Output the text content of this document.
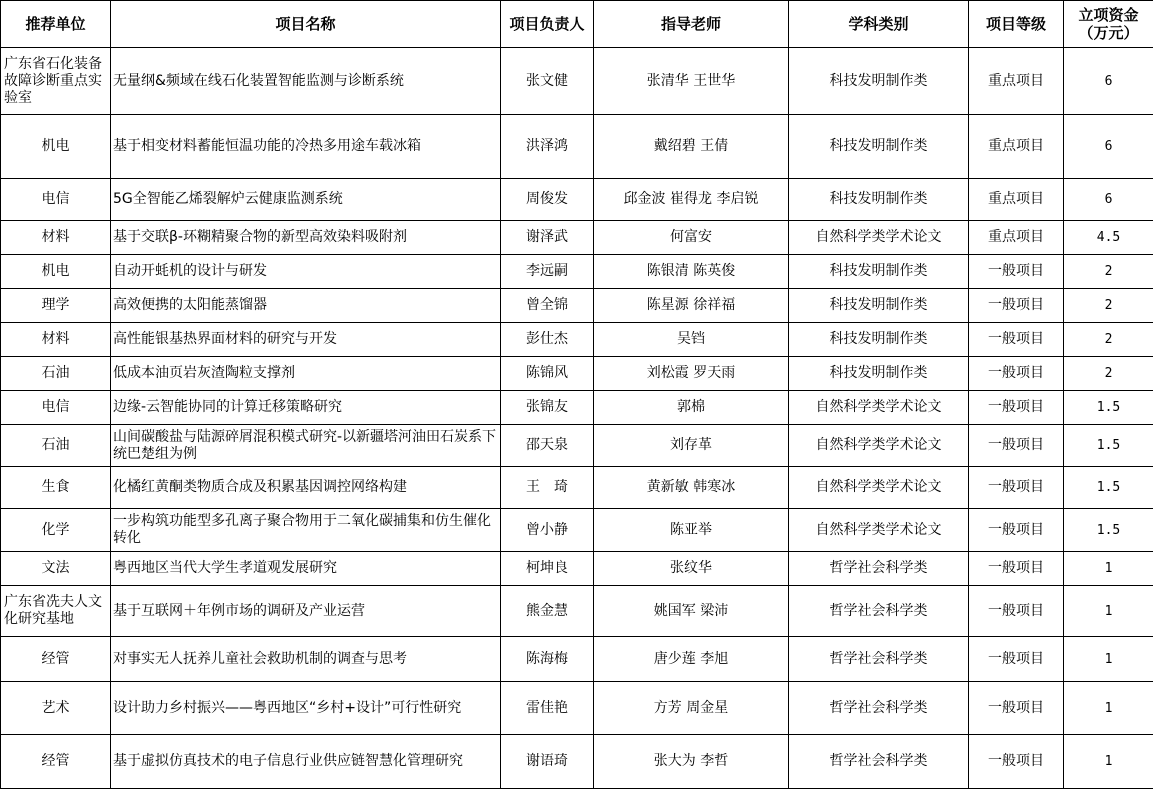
推荐单位	项目名称	项目负责人	指导老师	学科类别	项目等级	立项资金
（万元）

广东省石化装备故障诊断重点实验室	无量纲&频域在线石化装置智能监测与诊断系统	张文健	张清华 王世华	科技发明制作类	重点项目	6
机电	基于相变材料蓄能恒温功能的冷热多用途车载冰箱	洪泽鸿	戴绍碧 王倩	科技发明制作类	重点项目	6
电信	5G全智能乙烯裂解炉云健康监测系统	周俊发	邱金波 崔得龙 李启锐	科技发明制作类	重点项目	6
材料	基于交联β-环糊精聚合物的新型高效染料吸附剂	谢泽武	何富安	自然科学类学术论文	重点项目	4.5
机电	自动开蚝机的设计与研发	李远嗣	陈银清 陈英俊	科技发明制作类	一般项目	2
理学	高效便携的太阳能蒸馏器	曾全锦	陈星源 徐祥福	科技发明制作类	一般项目	2
材料	高性能银基热界面材料的研究与开发	彭仕杰	吴铛	科技发明制作类	一般项目	2
石油	低成本油页岩灰渣陶粒支撑剂	陈锦风	刘松霞 罗天雨	科技发明制作类	一般项目	2
电信	边缘-云智能协同的计算迁移策略研究	张锦友	郭棉	自然科学类学术论文	一般项目	1.5
石油	山间碳酸盐与陆源碎屑混积模式研究-以新疆塔河油田石炭系下统巴楚组为例	邵天泉	刘存革	自然科学类学术论文	一般项目	1.5
生食	化橘红黄酮类物质合成及积累基因调控网络构建	王　琦	黄新敏 韩寒冰	自然科学类学术论文	一般项目	1.5
化学	一步构筑功能型多孔离子聚合物用于二氧化碳捕集和仿生催化转化	曾小静	陈亚举	自然科学类学术论文	一般项目	1.5
文法	粤西地区当代大学生孝道观发展研究	柯坤良	张纹华	哲学社会科学类	一般项目	1
广东省冼夫人文化研究基地	基于互联网＋年例市场的调研及产业运营	熊金慧	姚国军 梁沛	哲学社会科学类	一般项目	1
经管	对事实无人抚养儿童社会救助机制的调查与思考	陈海梅	唐少莲 李旭	哲学社会科学类	一般项目	1
艺术	设计助力乡村振兴——粤西地区“乡村+设计”可行性研究	雷佳艳	方芳 周金星	哲学社会科学类	一般项目	1
经管	基于虚拟仿真技术的电子信息行业供应链智慧化管理研究	谢语琦	张大为 李哲	哲学社会科学类	一般项目	1
